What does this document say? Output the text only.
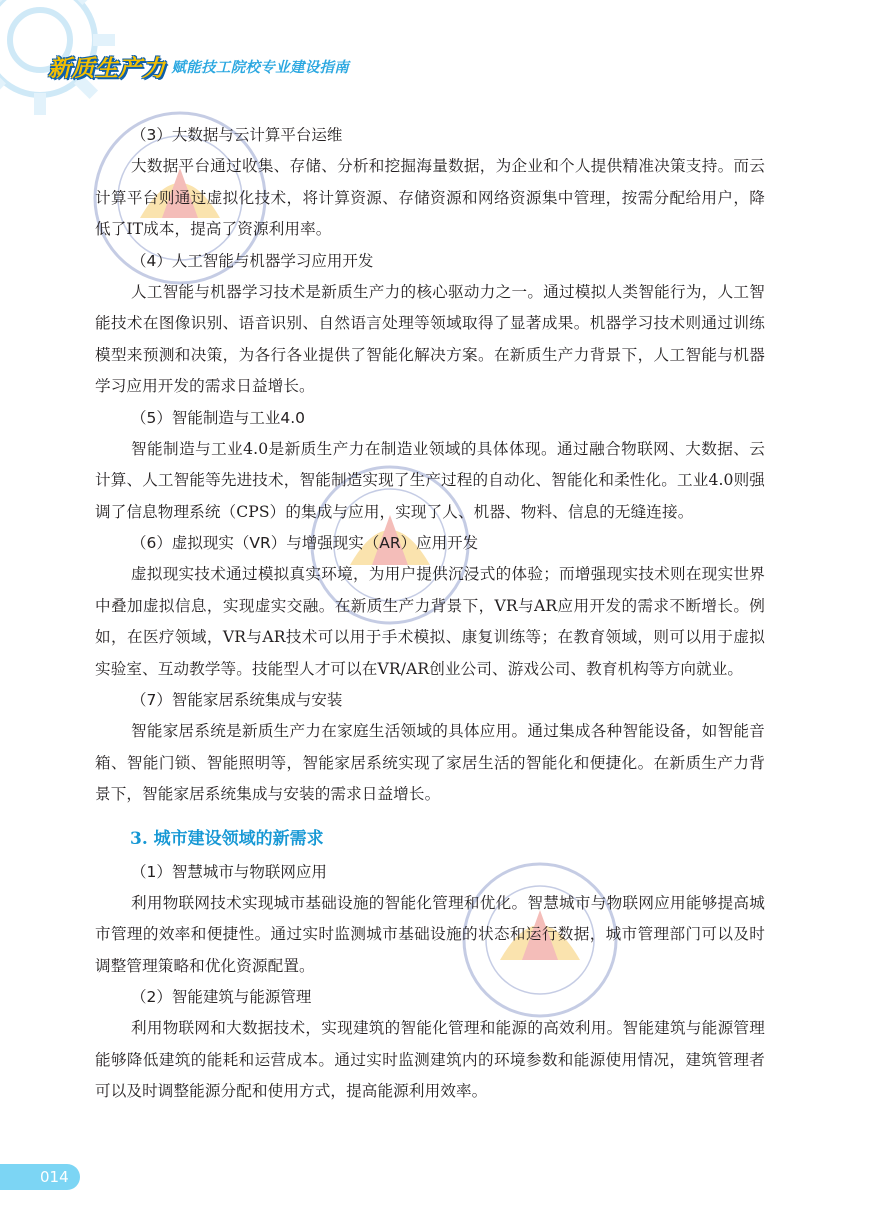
新质生产力 赋能技工院校专业建设指南
（3）大数据与云计算平台运维

大数据平台通过收集、存储、分析和挖掘海量数据，为企业和个人提供精准决策支持。而云计算平台则通过虚拟化技术，将计算资源、存储资源和网络资源集中管理，按需分配给用户，降低了IT成本，提高了资源利用率。

（4）人工智能与机器学习应用开发

人工智能与机器学习技术是新质生产力的核心驱动力之一。通过模拟人类智能行为，人工智能技术在图像识别、语音识别、自然语言处理等领域取得了显著成果。机器学习技术则通过训练模型来预测和决策，为各行各业提供了智能化解决方案。在新质生产力背景下，人工智能与机器学习应用开发的需求日益增长。

（5）智能制造与工业4.0

智能制造与工业4.0是新质生产力在制造业领域的具体体现。通过融合物联网、大数据、云计算、人工智能等先进技术，智能制造实现了生产过程的自动化、智能化和柔性化。工业4.0则强调了信息物理系统（CPS）的集成与应用，实现了人、机器、物料、信息的无缝连接。

（6）虚拟现实（VR）与增强现实（AR）应用开发

虚拟现实技术通过模拟真实环境，为用户提供沉浸式的体验；而增强现实技术则在现实世界中叠加虚拟信息，实现虚实交融。在新质生产力背景下，VR与AR应用开发的需求不断增长。例如，在医疗领域，VR与AR技术可以用于手术模拟、康复训练等；在教育领域，则可以用于虚拟实验室、互动教学等。技能型人才可以在VR/AR创业公司、游戏公司、教育机构等方向就业。

（7）智能家居系统集成与安装

智能家居系统是新质生产力在家庭生活领域的具体应用。通过集成各种智能设备，如智能音箱、智能门锁、智能照明等，智能家居系统实现了家居生活的智能化和便捷化。在新质生产力背景下，智能家居系统集成与安装的需求日益增长。

3. 城市建设领域的新需求
（1）智慧城市与物联网应用

利用物联网技术实现城市基础设施的智能化管理和优化。智慧城市与物联网应用能够提高城市管理的效率和便捷性。通过实时监测城市基础设施的状态和运行数据，城市管理部门可以及时调整管理策略和优化资源配置。

（2）智能建筑与能源管理

利用物联网和大数据技术，实现建筑的智能化管理和能源的高效利用。智能建筑与能源管理能够降低建筑的能耗和运营成本。通过实时监测建筑内的环境参数和能源使用情况，建筑管理者可以及时调整能源分配和使用方式，提高能源利用效率。

014
